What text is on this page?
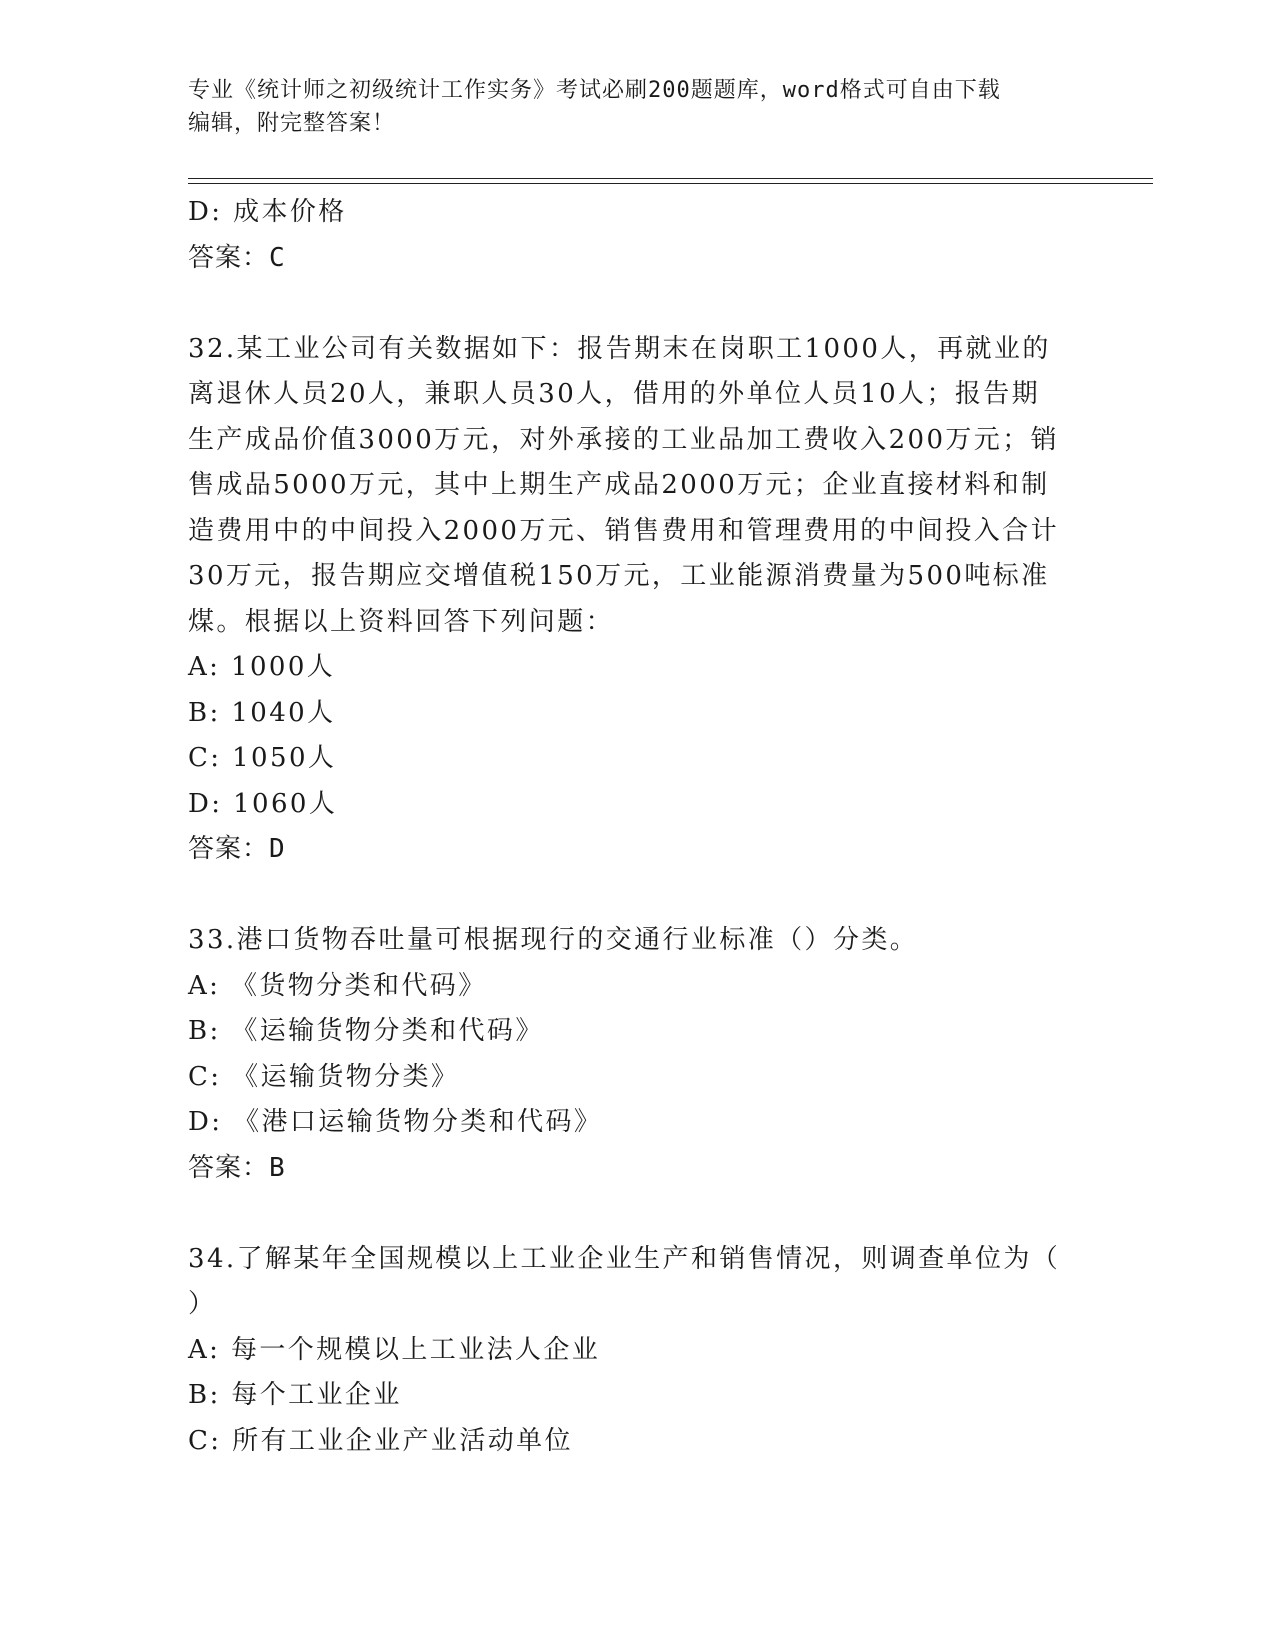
专业《统计师之初级统计工作实务》考试必刷200题题库，word格式可自由下载
编辑，附完整答案！
D: 成本价格
答案：C
32.某工业公司有关数据如下：报告期末在岗职工1000人，再就业的
离退休人员20人，兼职人员30人，借用的外单位人员10人；报告期
生产成品价值3000万元，对外承接的工业品加工费收入200万元；销
售成品5000万元，其中上期生产成品2000万元；企业直接材料和制
造费用中的中间投入2000万元、销售费用和管理费用的中间投入合计
30万元，报告期应交增值税150万元，工业能源消费量为500吨标准
煤。根据以上资料回答下列问题：
A: 1000人
B: 1040人
C: 1050人
D: 1060人
答案：D
33.港口货物吞吐量可根据现行的交通行业标准（）分类。
A: 《货物分类和代码》
B: 《运输货物分类和代码》
C: 《运输货物分类》
D: 《港口运输货物分类和代码》
答案：B
34.了解某年全国规模以上工业企业生产和销售情况，则调查单位为（
）
A: 每一个规模以上工业法人企业
B: 每个工业企业
C: 所有工业企业产业活动单位
